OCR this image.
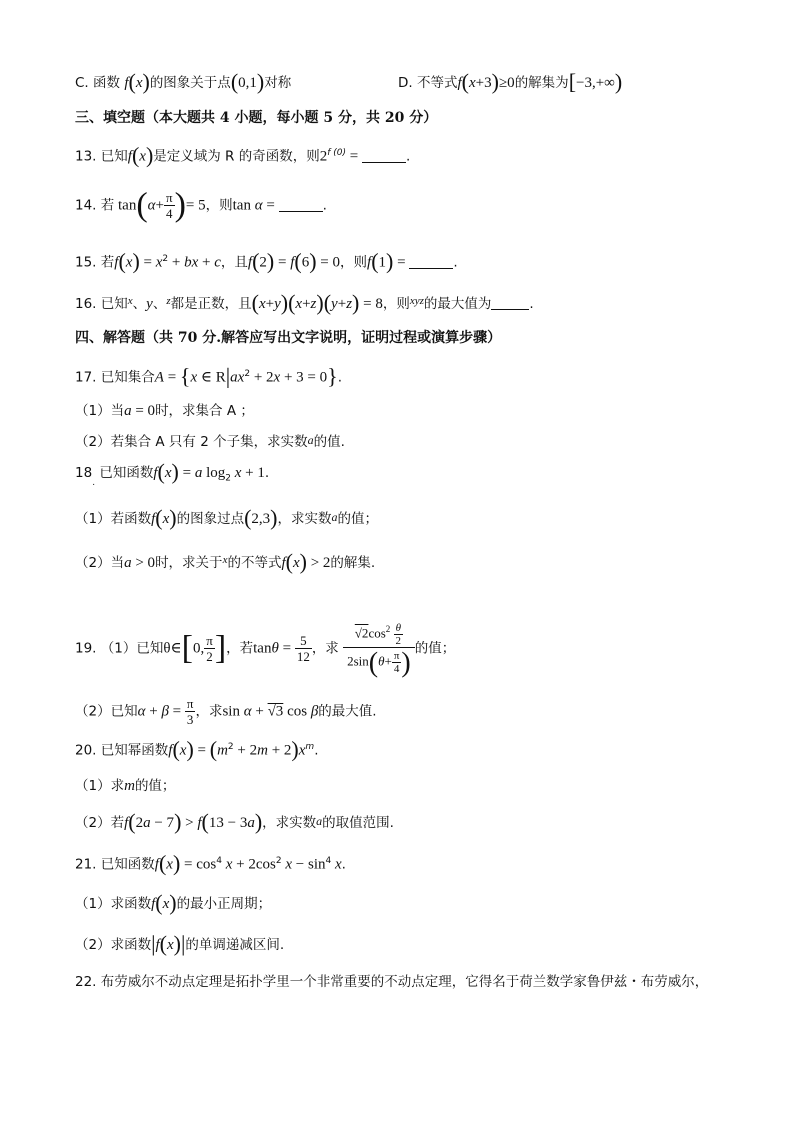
C. 函数 f(x)的图象关于点(0,1)对称	D. 不等式f(x+3)≥0的解集为[−3,+∞)
三、填空题（本大题共 4 小题，每小题 5 分，共 20 分）
13. 已知f(x)是定义域为 R 的奇函数，则$2^{f (0)}$ =	.
14. 若 $\tan(\alpha+ \frac{\pi}{4}$ )= 5，则tan α =	.
15. 若$f(x) = x^2$ + bx + c，且f(2) = f(6) = 0，则f(1) =	.
16. 已知$^x$、y、$^z$都是正数，且(x+y)(x+z)(y+z) = 8，则$^{xyz}$的最大值为	.
四、解答题（共 70 分.解答应写出文字说明，证明过程或演算步骤）
17. 已知集合A = {x ∈ $R|ax^2 + 2x + 3 = 0$}.
（1）当a = 0时，求集合 A ；
（2）若集合 A 只有 2 个子集，求实数a的值.
$18_.$ 已知函数f(x) = a $\log_2 x + 1$.
（1）若函数f(x)的图象过点(2,3)，求实数a的值；
（2）当a > 0时，求关于$^x$的不等式f(x) > 2的解集.
19. （1）已知θ∈[0, $\frac{\pi}{2}$ ]，若$\tan\theta = \frac{5}{12}$ ，求 $\frac{√2\cos^2 \frac{\theta}{2}}{2\sin(\theta+ \frac{\pi}{4} )}$ 的值；
（2）已知$\alpha + \beta = \frac{\pi}{3}$ ，求sin α + √3 cos β的最大值.
20. 已知幂函数$f(x) = (m^2 + 2m + 2)x^m$.
（1）求m的值；
（2）若f(2a − 7) > f(13 − 3a)，求实数a的取值范围.
21. 已知函数$f(x) = \cos^4 x + 2\cos^2$ $x - \sin^4 x$.
（1）求函数f(x)的最小正周期；
（2）求函数|f(x)|的单调递减区间.
22. 布劳威尔不动点定理是拓扑学里一个非常重要的不动点定理，它得名于荷兰数学家鲁伊兹・布劳威尔，
